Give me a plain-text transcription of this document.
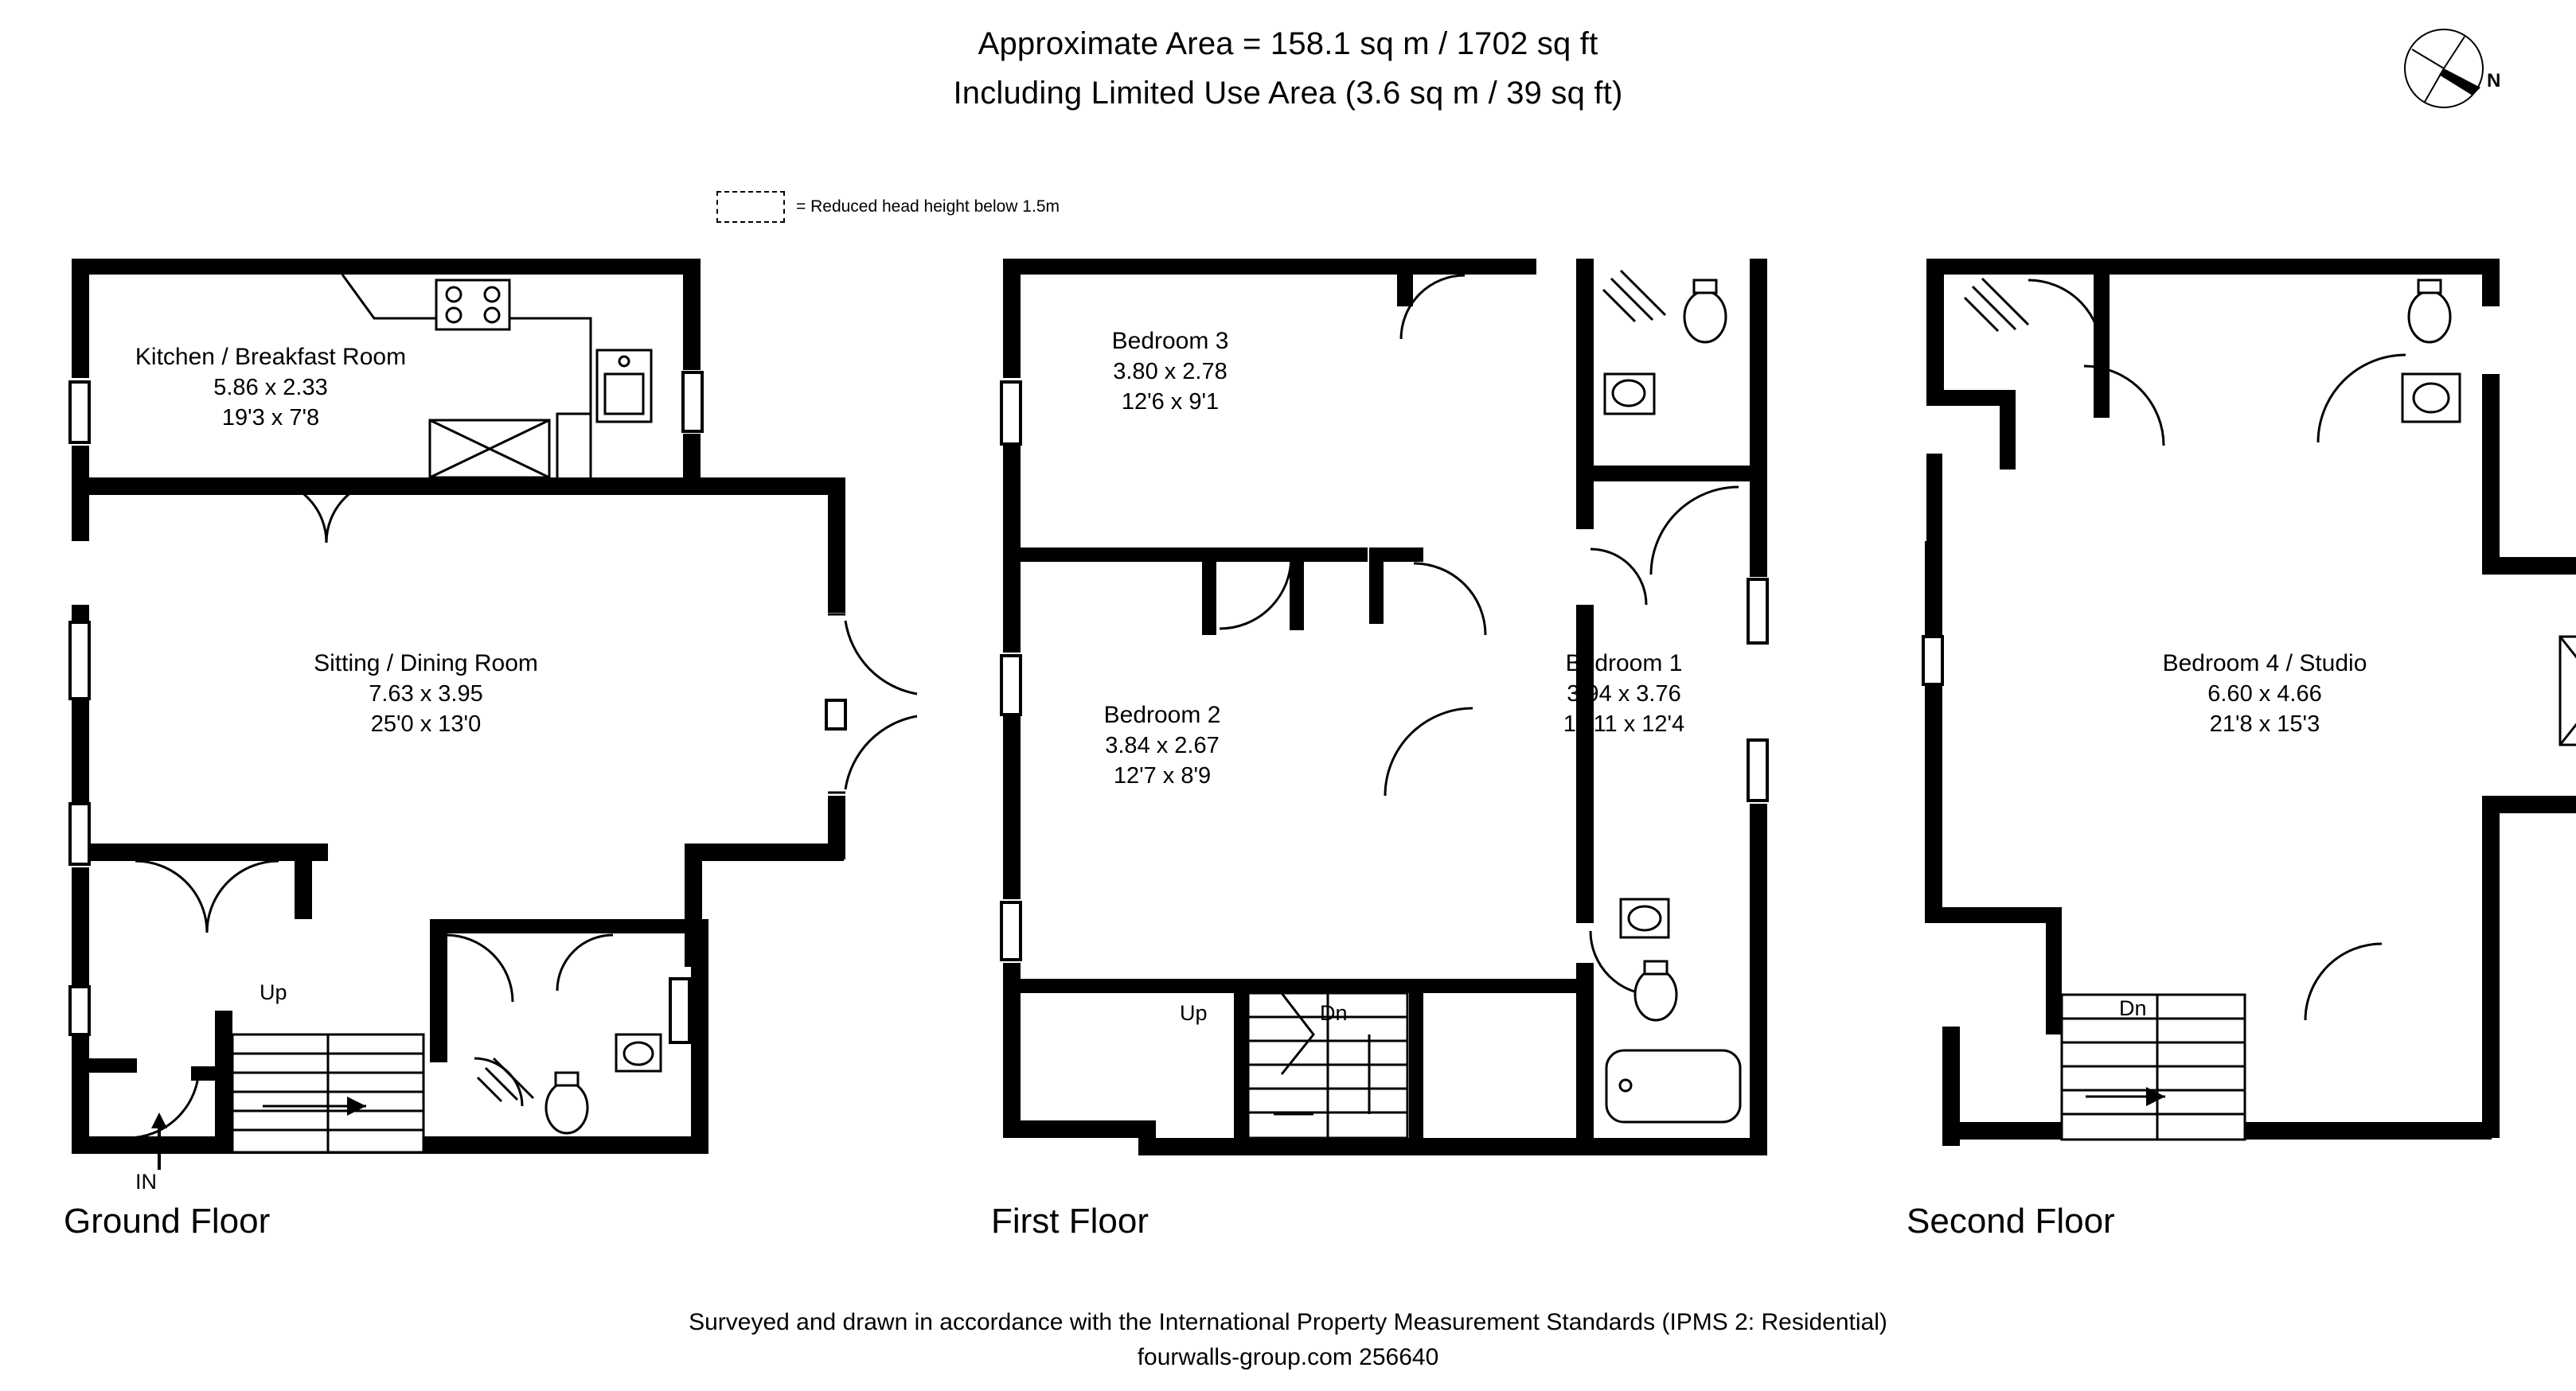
Approximate Area = 158.1 sq m / 1702 sq ft
Including Limited Use Area (3.6 sq m / 39 sq ft)
= Reduced head height below 1.5m
N
Kitchen / Breakfast Room
5.86 x 2.33
19'3 x 7'8
Sitting / Dining Room
7.63 x 3.95
25'0 x 13'0
Up
IN
Bedroom 3
3.80 x 2.78
12'6 x 9'1
Bedroom 2
3.84 x 2.67
12'7 x 8'9
Bedroom 1
3.94 x 3.76
12'11 x 12'4
Up	Dn
Bedroom 4 / Studio
6.60 x 4.66
21'8 x 15'3
Dn
Ground Floor	First Floor	Second Floor
Surveyed and drawn in accordance with the International Property Measurement Standards (IPMS 2: Residential)
fourwalls-group.com 256640
